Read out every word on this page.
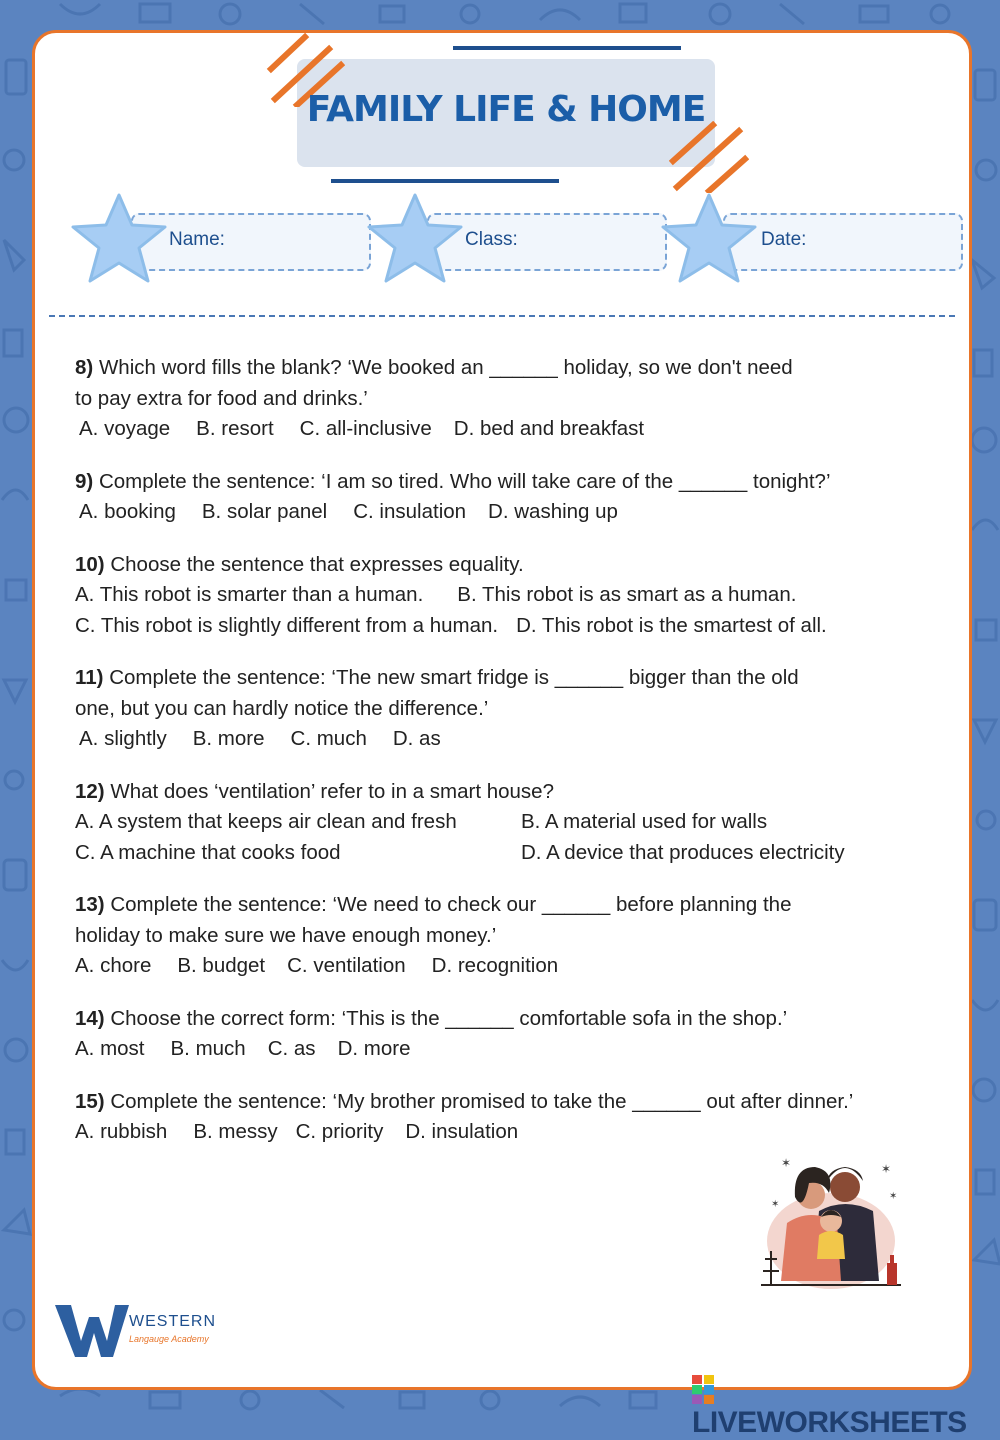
FAMILY LIFE & HOME
Name:	Class:	Date:

8) Which word fills the blank? ‘We booked an ______ holiday, so we don't need

to pay extra for food and drinks.’

A. voyage B. resort C. all-inclusive D. bed and breakfast

9) Complete the sentence: ‘I am so tired. Who will take care of the ______ tonight?’

A. booking B. solar panel C. insulation D. washing up

10) Choose the sentence that expresses equality.

A. This robot is smarter than a human. B. This robot is as smart as a human.
C. This robot is slightly different from a human. D. This robot is the smartest of all.

11) Complete the sentence: ‘The new smart fridge is ______ bigger than the old

one, but you can hardly notice the difference.’

A. slightly B. more C. much D. as

12) What does ‘ventilation’ refer to in a smart house?

A. A system that keeps air clean and fresh	B. A material used for walls
C. A machine that cooks food	D. A device that produces electricity

13) Complete the sentence: ‘We need to check our ______ before planning the

holiday to make sure we have enough money.’

A. chore B. budget C. ventilation D. recognition

14) Choose the correct form: ‘This is the ______ comfortable sofa in the shop.’

A. most B. much C. as D. more

15) Complete the sentence: ‘My brother promised to take the ______ out after dinner.’

A. rubbish B. messy C. priority D. insulation
✶	✶
✶
✶
WESTERN
Langauge Academy
LIVEWORKSHEETS
